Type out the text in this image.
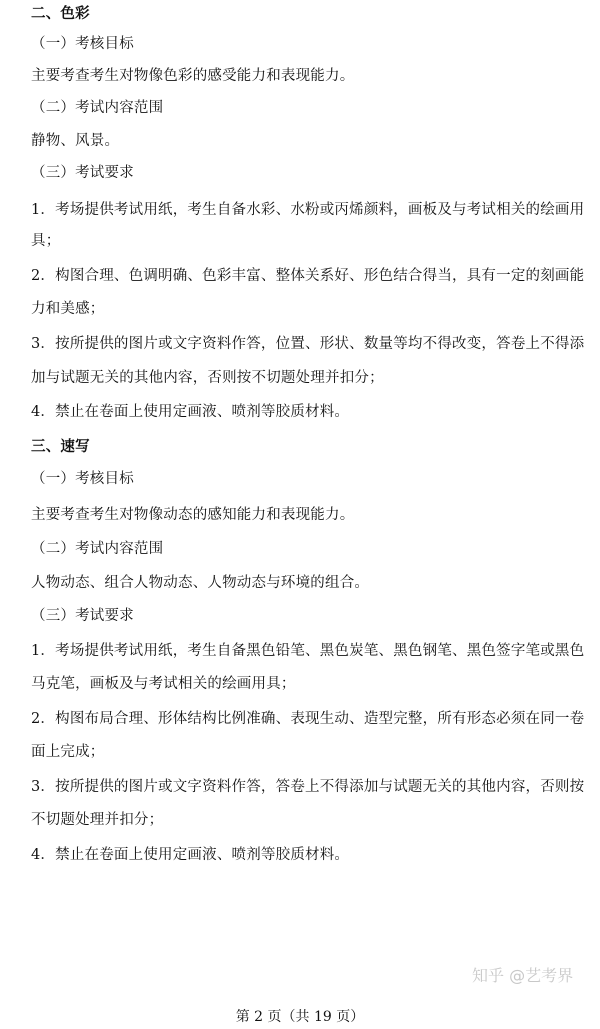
二、色彩
（一）考核目标
主要考查考生对物像色彩的感受能力和表现能力。
（二）考试内容范围
静物、风景。
（三）考试要求
1．考场提供考试用纸，考生自备水彩、水粉或丙烯颜料，画板及与考试相关的绘画用
具；
2．构图合理、色调明确、色彩丰富、整体关系好、形色结合得当，具有一定的刻画能
力和美感；
3．按所提供的图片或文字资料作答，位置、形状、数量等均不得改变，答卷上不得添
加与试题无关的其他内容，否则按不切题处理并扣分；
4．禁止在卷面上使用定画液、喷剂等胶质材料。
三、速写
（一）考核目标
主要考查考生对物像动态的感知能力和表现能力。
（二）考试内容范围
人物动态、组合人物动态、人物动态与环境的组合。
（三）考试要求
1．考场提供考试用纸，考生自备黑色铅笔、黑色炭笔、黑色钢笔、黑色签字笔或黑色
马克笔，画板及与考试相关的绘画用具；
2．构图布局合理、形体结构比例准确、表现生动、造型完整，所有形态必须在同一卷
面上完成；
3．按所提供的图片或文字资料作答，答卷上不得添加与试题无关的其他内容，否则按
不切题处理并扣分；
4．禁止在卷面上使用定画液、喷剂等胶质材料。
知乎 @艺考界
第 2 页（共 19 页）
